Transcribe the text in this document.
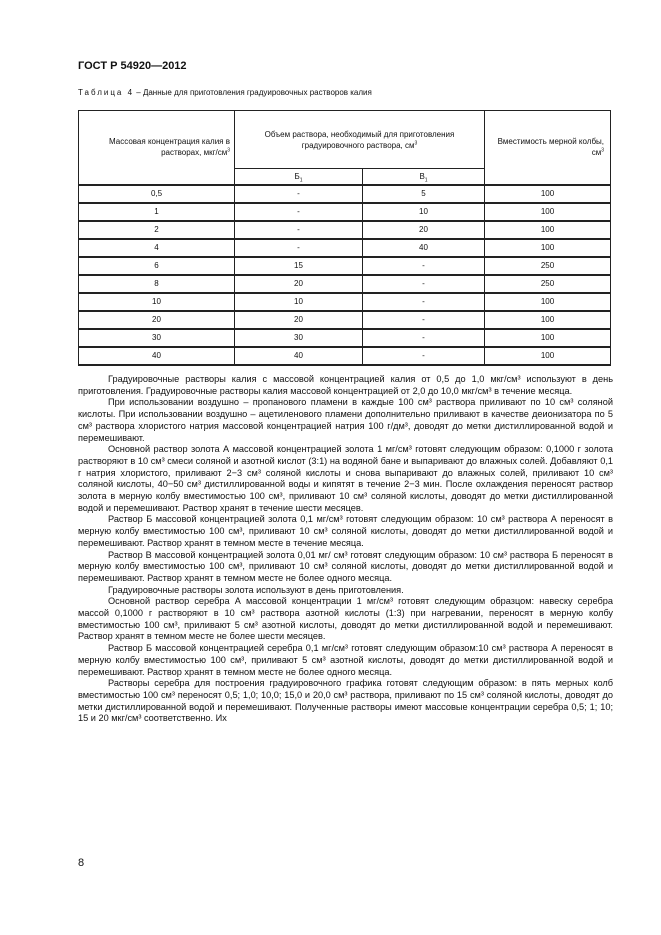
ГОСТ Р 54920—2012
Таблица 4 – Данные для приготовления градуировочных растворов калия
Массовая концентрация калия в растворах, мкг/$см^3$	Объем раствора, необходимый для приготовления градуировочного раствора, $см^3$		Вместимость мерной колбы, $см^3$
	$Б_1$	$В_1$
0,5	-	5	100
1	-	10	100
2	-	20	100
4	-	40	100
6	15	-	250
8	20	-	250
10	10	-	100
20	20	-	100
30	30	-	100
40	40	-	100

Градуировочные растворы калия с массовой концентрацией калия от 0,5 до 1,0 мкг/см³ используют в день приготовления. Градуировочные растворы калия массовой концентрацией от 2,0 до 10,0 мкг/см³ в течение месяца.

При использовании воздушно – пропанового пламени в каждые 100 см³ раствора приливают по 10 см³ соляной кислоты. При использовании воздушно – ацетиленового пламени дополнительно приливают в качестве деионизатора по 5 см³ раствора хлористого натрия массовой концентрацией натрия 100 г/дм³, доводят до метки дистиллированной водой и перемешивают.

Основной раствор золота А массовой концентрацией золота 1 мг/см³ готовят следующим образом: 0,1000 г золота растворяют в 10 см³ смеси соляной и азотной кислот (3:1) на водяной бане и выпаривают до влажных солей. Добавляют 0,1 г натрия хлористого, приливают 2−3 см³ соляной кислоты и снова выпаривают до влажных солей, приливают 10 см³ соляной кислоты, 40−50 см³ дистиллированной воды и кипятят в течение 2−3 мин. После охлаждения переносят раствор золота в мерную колбу вместимостью 100 см³, приливают 10 см³ соляной кислоты, доводят до метки дистиллированной водой и перемешивают. Раствор хранят в течение шести месяцев.

Раствор Б массовой концентрацией золота 0,1 мг/см³ готовят следующим образом: 10 см³ раствора А переносят в мерную колбу вместимостью 100 см³, приливают 10 см³ соляной кислоты, доводят до метки дистиллированной водой и перемешивают. Раствор хранят в темном месте в течение месяца.

Раствор В массовой концентрацией золота 0,01 мг/ см³ готовят следующим образом: 10 см³ раствора Б переносят в мерную колбу вместимостью 100 см³, приливают 10 см³ соляной кислоты, доводят до метки дистиллированной водой и перемешивают. Раствор хранят в темном месте не более одного месяца.

Градуировочные растворы золота используют в день приготовления.

Основной раствор серебра А массовой концентрации 1 мг/см³ готовят следующим образцом: навеску серебра массой 0,1000 г растворяют в 10 см³ раствора азотной кислоты (1:3) при нагревании, переносят в мерную колбу вместимостью 100 см³, приливают 5 см³ азотной кислоты, доводят до метки дистиллированной водой и перемешивают. Раствор хранят в темном месте не более шести месяцев.

Раствор Б массовой концентрацией серебра 0,1 мг/см³ готовят следующим образом:10 см³ раствора А переносят в мерную колбу вместимостью 100 см³, приливают 5 см³ азотной кислоты, доводят до метки дистиллированной водой и перемешивают. Раствор хранят в темном месте не более одного месяца.

Растворы серебра для построения градуировочного графика готовят следующим образом: в пять мерных колб вместимостью 100 см³ переносят 0,5; 1,0; 10,0; 15,0 и 20,0 см³ раствора, приливают по 15 см³ соляной кислоты, доводят до метки дистиллированной водой и перемешивают. Полученные растворы имеют массовые концентрации серебра 0,5; 1; 10; 15 и 20 мкг/см³ соответственно. Их

8
